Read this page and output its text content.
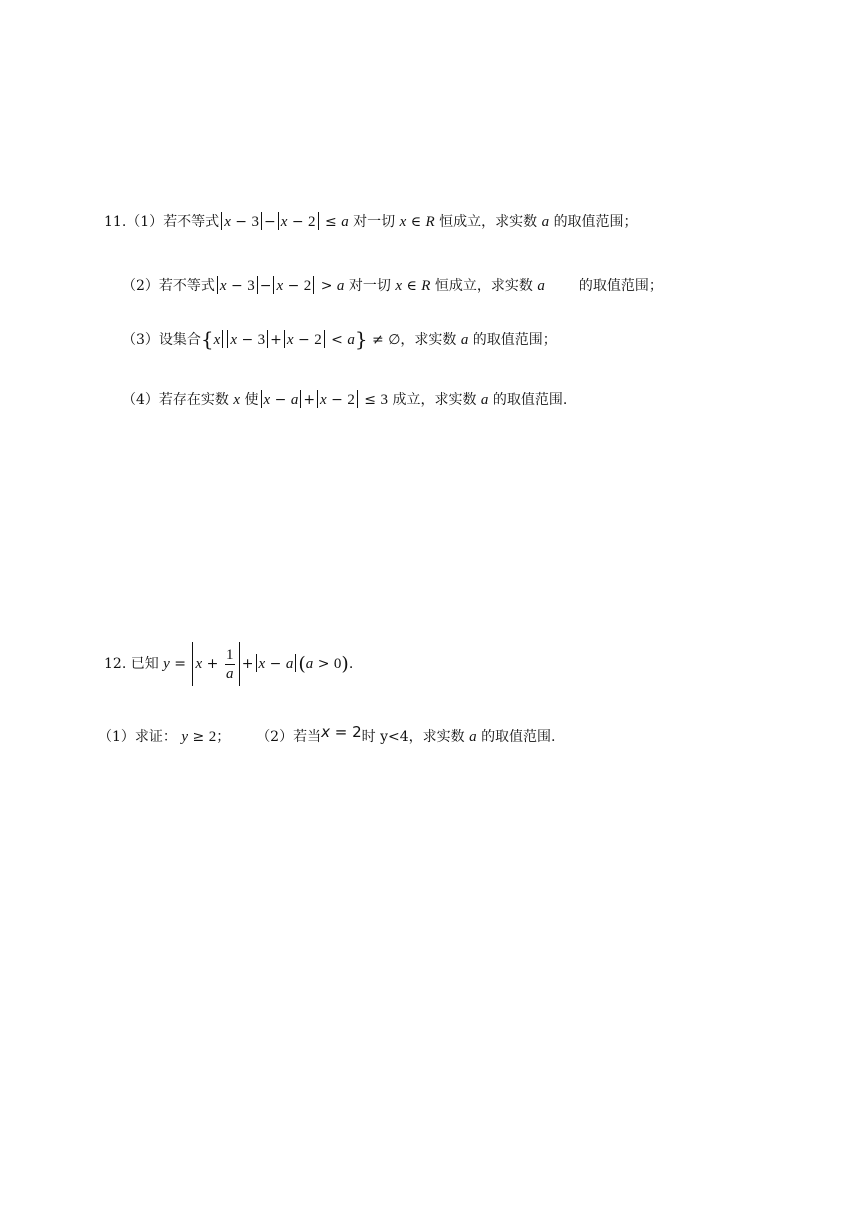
11.（1）若不等式 x − 3 − x − 2 ≤ a 对一切 x ∈ R 恒成立，求实数 a 的取值范围；
（2）若不等式 x − 3 − x − 2 > a 对一切 x ∈ R 恒成立，求实数 a 的取值范围；
（3）设集合{x x − 3 + x − 2 < a} ≠ ∅，求实数 a 的取值范围；
（4）若存在实数 x 使 x − a + x − 2 ≤ 3 成立，求实数 a 的取值范围.
12. 已知 $y = x + \frac{1}{a} + x - a$ (a > 0).
（1）求证： y ≥ 2； （2）若当x = 2时 y<4，求实数 a 的取值范围.
